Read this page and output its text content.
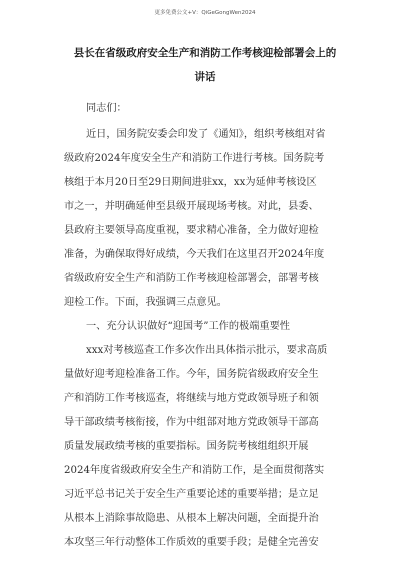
更多免费公文+V：QiGeGongWen2024
县长在省级政府安全生产和消防工作考核迎检部署会上的
讲话
同志们：
近日，国务院安委会印发了《通知》，组织考核组对省
级政府2024年度安全生产和消防工作进行考核。国务院考
核组于本月20日至29日期间进驻xx，xx为延伸考核设区
市之一，并明确延伸至县级开展现场考核。对此，县委、
县政府主要领导高度重视，要求精心准备，全力做好迎检
准备，为确保取得好成绩，今天我们在这里召开2024年度
省级政府安全生产和消防工作考核迎检部署会，部署考核
迎检工作。下面，我强调三点意见。
一、充分认识做好“迎国考”工作的极端重要性
xxx对考核巡查工作多次作出具体指示批示，要求高质
量做好迎考迎检准备工作。今年，国务院省级政府安全生
产和消防工作考核巡查，将继续与地方党政领导班子和领
导干部政绩考核衔接，作为中组部对地方党政领导干部高
质量发展政绩考核的重要指标。国务院考核组组织开展
2024年度省级政府安全生产和消防工作，是全面贯彻落实
习近平总书记关于安全生产重要论述的重要举措；是立足
从根本上消除事故隐患、从根本上解决问题，全面提升治
本攻坚三年行动整体工作质效的重要手段；是健全完善安
